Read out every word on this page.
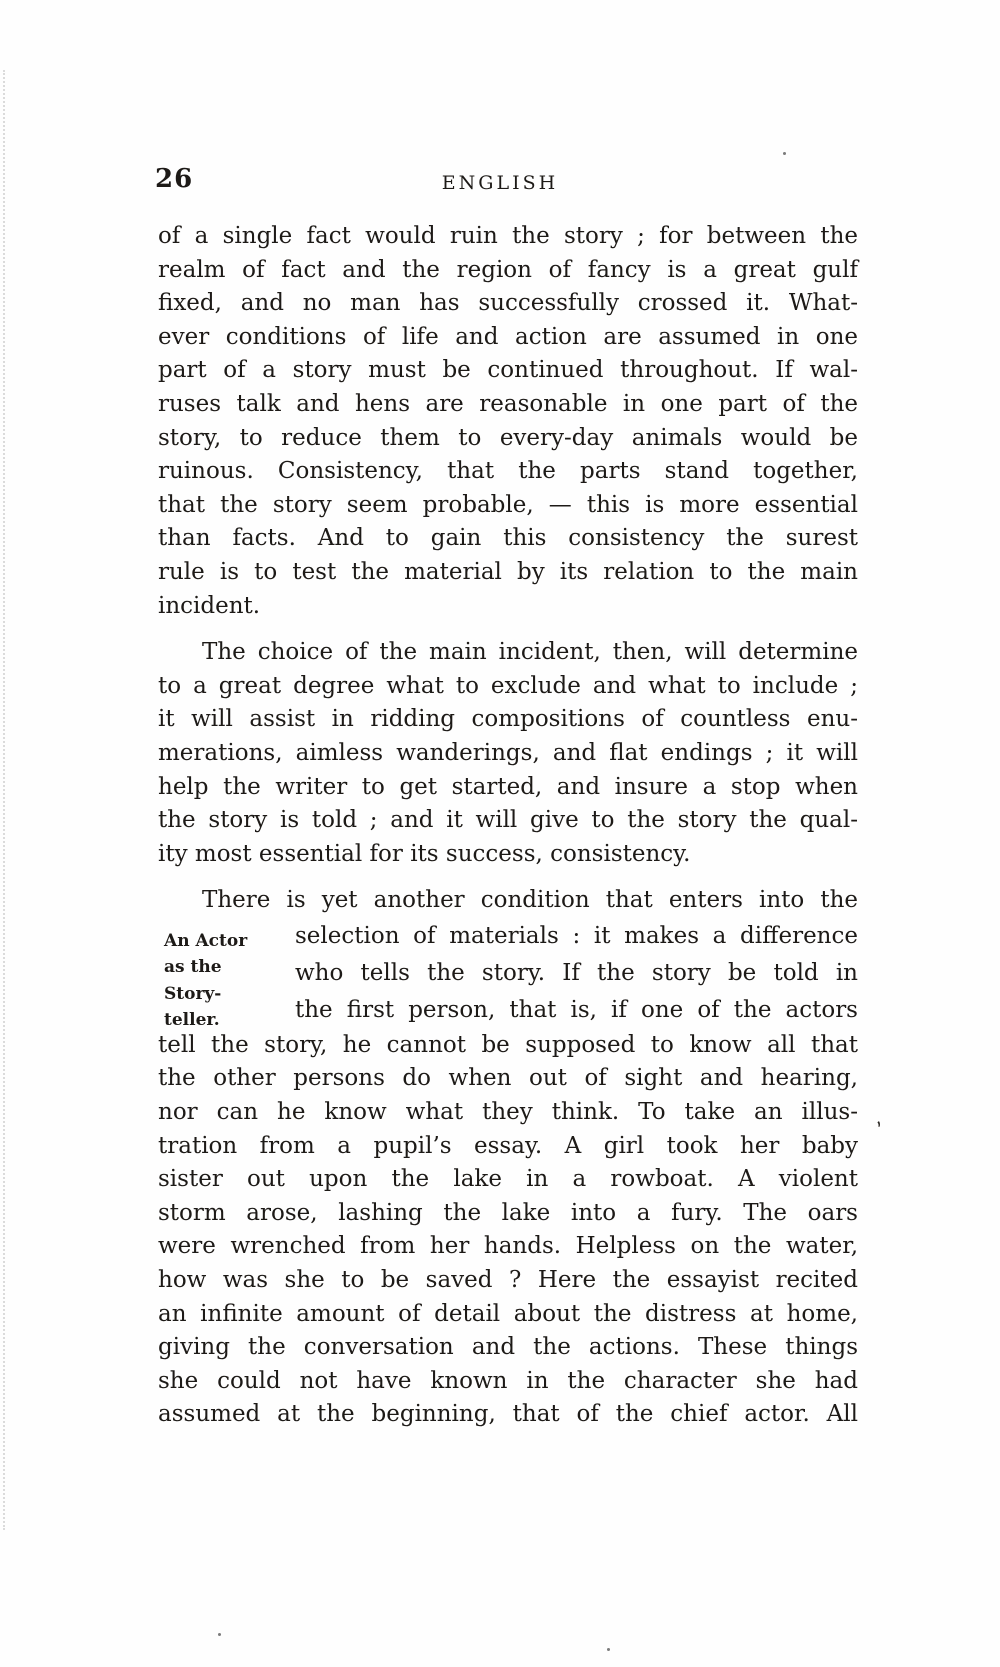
26	ENGLISH
of a single fact would ruin the story ; for between the
realm of fact and the region of fancy is a great gulf
fixed, and no man has successfully crossed it. What-
ever conditions of life and action are assumed in one
part of a story must be continued throughout. If wal-
ruses talk and hens are reasonable in one part of the
story, to reduce them to every-day animals would be
ruinous. Consistency, that the parts stand together,
that the story seem probable, — this is more essential
than facts. And to gain this consistency the surest
rule is to test the material by its relation to the main
incident.
The choice of the main incident, then, will determine
to a great degree what to exclude and what to include ;
it will assist in ridding compositions of countless enu-
merations, aimless wanderings, and flat endings ; it will
help the writer to get started, and insure a stop when
the story is told ; and it will give to the story the qual-
ity most essential for its success, consistency.
There is yet another condition that enters into the
An Actor
as the
Story-
teller.
selection of materials : it makes a difference
who tells the story. If the story be told in
the first person, that is, if one of the actors
tell the story, he cannot be supposed to know all that
the other persons do when out of sight and hearing,
nor can he know what they think. To take an illus-
tration from a pupil’s essay. A girl took her baby
sister out upon the lake in a rowboat. A violent
storm arose, lashing the lake into a fury. The oars
were wrenched from her hands. Helpless on the water,
how was she to be saved ? Here the essayist recited
an infinite amount of detail about the distress at home,
giving the conversation and the actions. These things
she could not have known in the character she had
assumed at the beginning, that of the chief actor. All
,
